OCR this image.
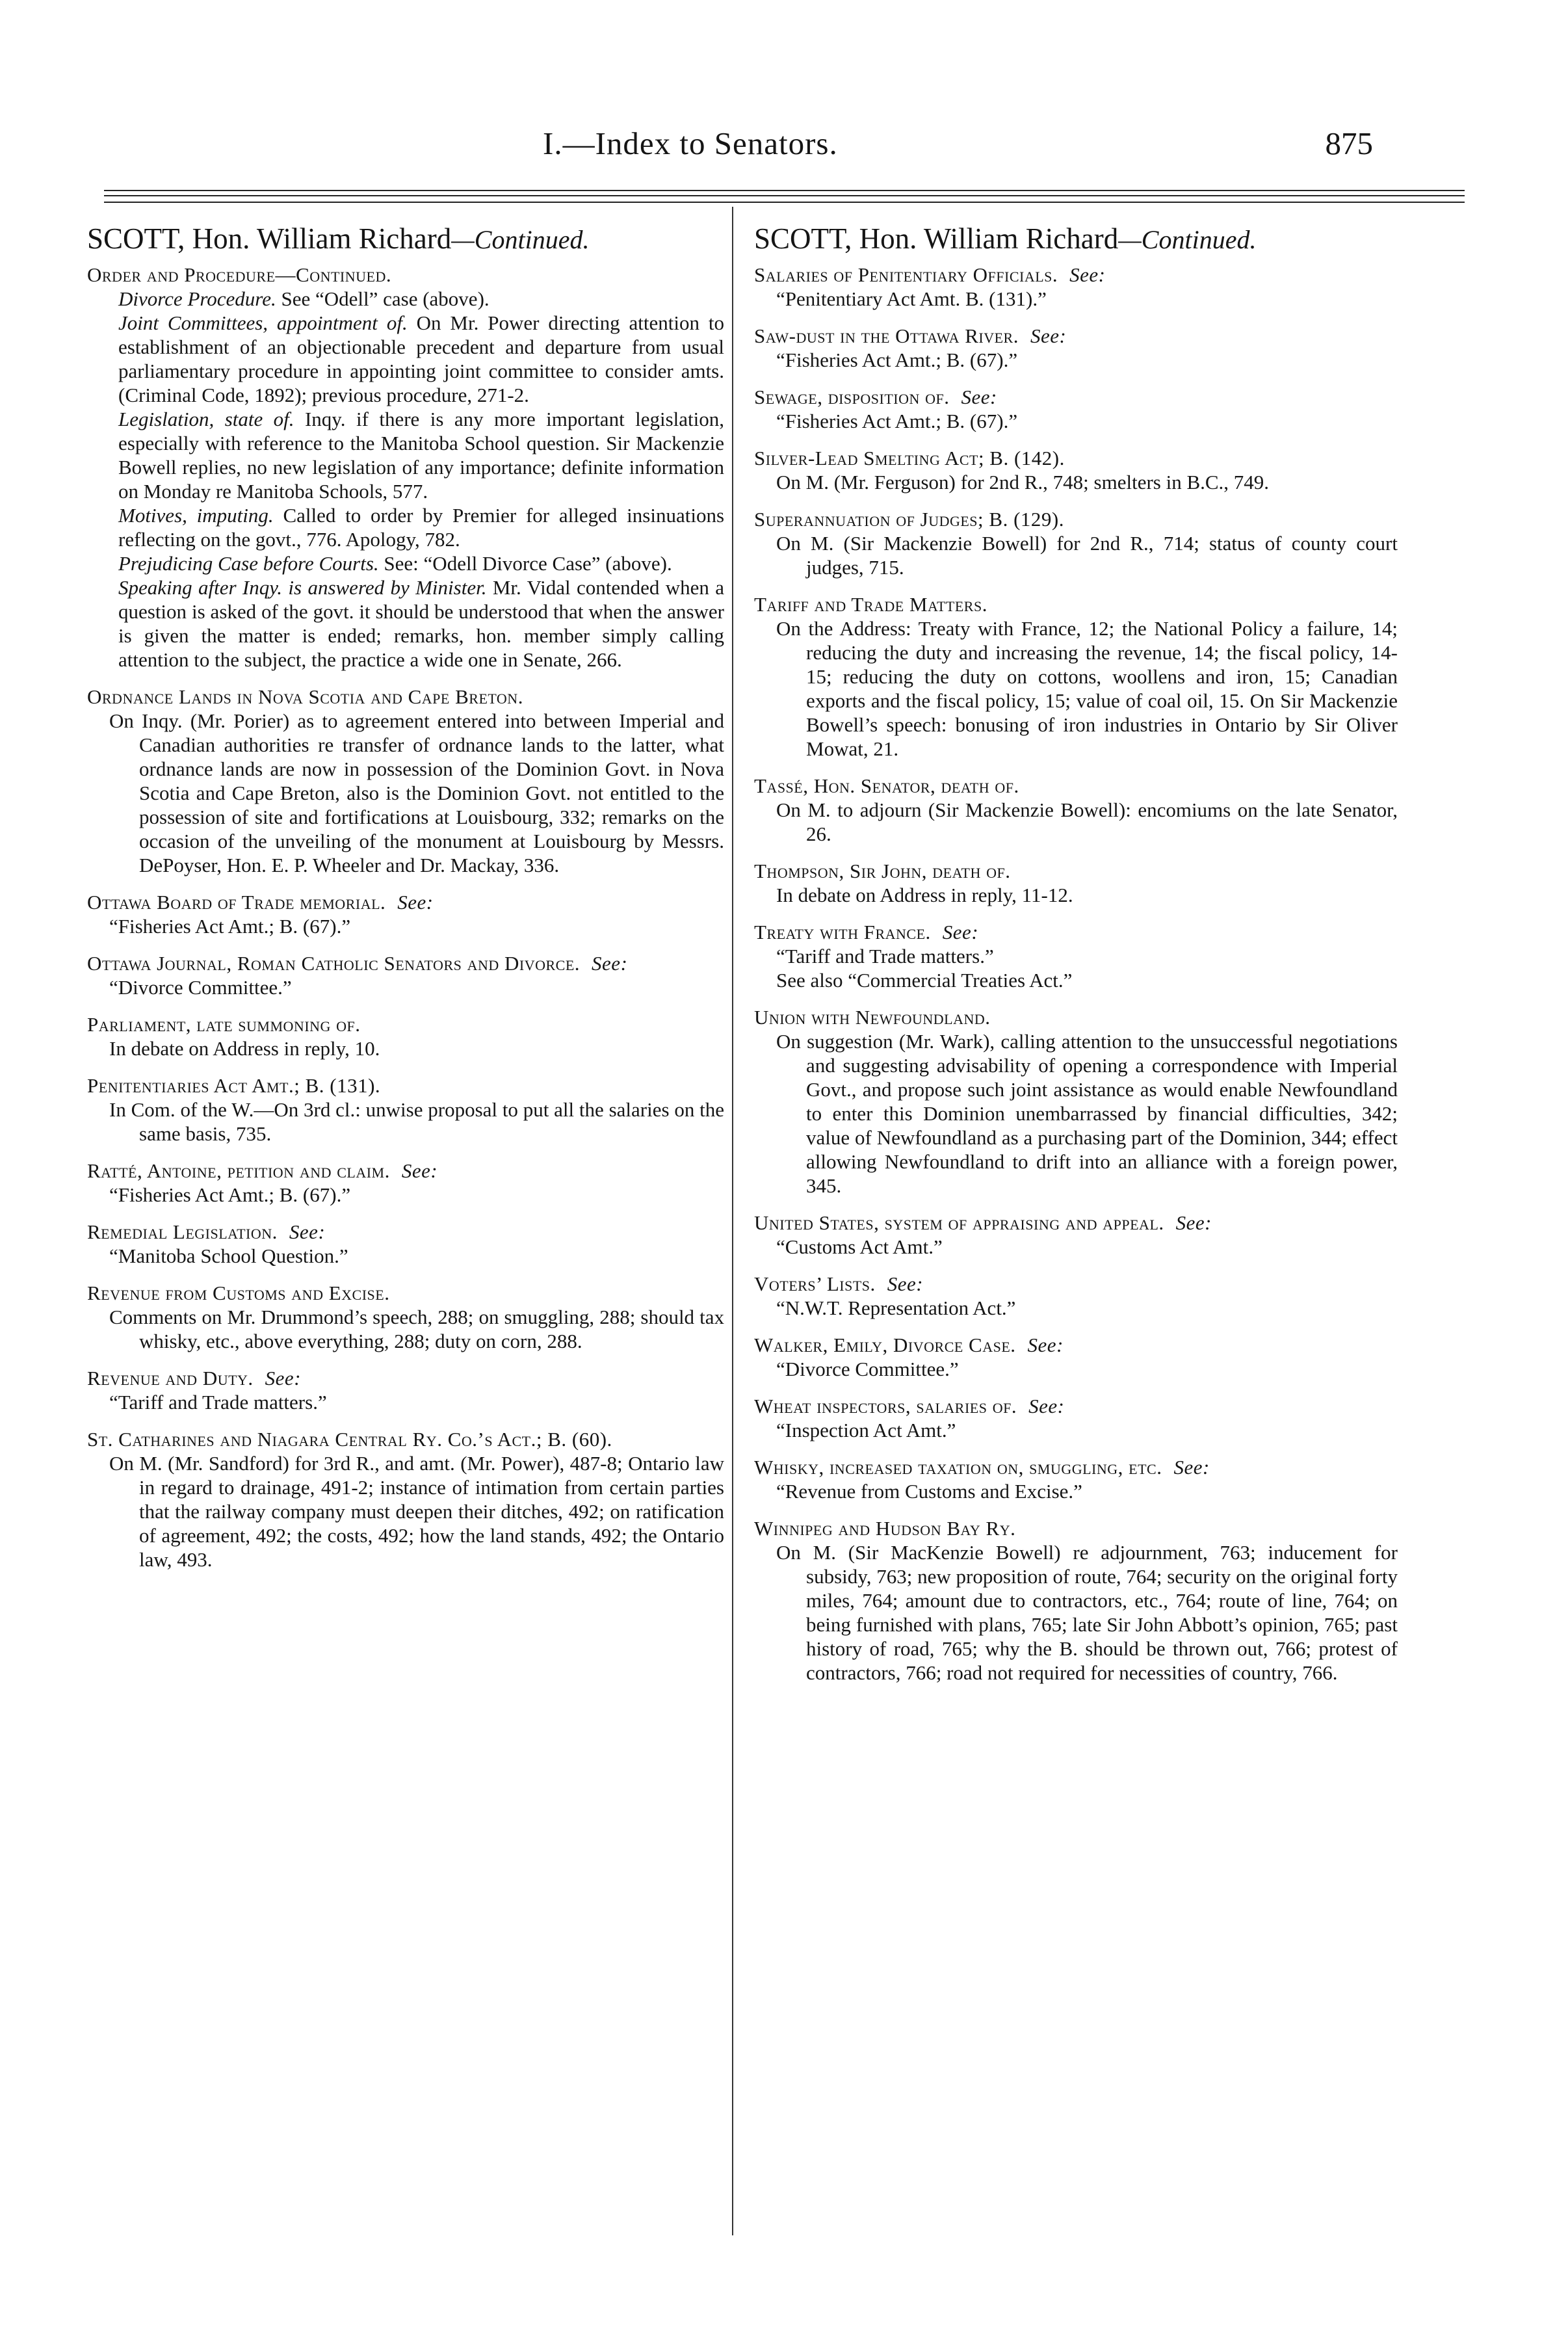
I.—Index to Senators.	875
SCOTT, Hon. William Richard—Continued.
Order and Procedure—Continued.
Divorce Procedure. See “Odell” case (above).
Joint Committees, appointment of. On Mr. Power directing attention to establishment of an objectionable precedent and departure from usual parliamentary procedure in appointing joint committee to consider amts. (Criminal Code, 1892); previous procedure, 271-2.
Legislation, state of. Inqy. if there is any more important legislation, especially with reference to the Manitoba School question. Sir Mackenzie Bowell replies, no new legislation of any importance; definite information on Monday re Manitoba Schools, 577.
Motives, imputing. Called to order by Premier for alleged insinuations reflecting on the govt., 776. Apology, 782.
Prejudicing Case before Courts. See: “Odell Divorce Case” (above).
Speaking after Inqy. is answered by Minister. Mr. Vidal contended when a question is asked of the govt. it should be understood that when the answer is given the matter is ended; remarks, hon. member simply calling attention to the subject, the practice a wide one in Senate, 266.
Ordnance Lands in Nova Scotia and Cape Breton.
On Inqy. (Mr. Porier) as to agreement entered into between Imperial and Canadian authorities re transfer of ordnance lands to the latter, what ordnance lands are now in possession of the Dominion Govt. in Nova Scotia and Cape Breton, also is the Dominion Govt. not entitled to the possession of site and fortifications at Louisbourg, 332; remarks on the occasion of the unveiling of the monument at Louisbourg by Messrs. DePoyser, Hon. E. P. Wheeler and Dr. Mackay, 336.
Ottawa Board of Trade memorial. See:
“Fisheries Act Amt.; B. (67).”
Ottawa Journal, Roman Catholic Senators and Divorce. See:
“Divorce Committee.”
Parliament, late summoning of.
In debate on Address in reply, 10.
Penitentiaries Act Amt.; B. (131).
In Com. of the W.—On 3rd cl.: unwise proposal to put all the salaries on the same basis, 735.
Ratté, Antoine, petition and claim. See:
“Fisheries Act Amt.; B. (67).”
Remedial Legislation. See:
“Manitoba School Question.”
Revenue from Customs and Excise.
Comments on Mr. Drummond’s speech, 288; on smuggling, 288; should tax whisky, etc., above everything, 288; duty on corn, 288.
Revenue and Duty. See:
“Tariff and Trade matters.”
St. Catharines and Niagara Central Ry. Co.’s Act.; B. (60).
On M. (Mr. Sandford) for 3rd R., and amt. (Mr. Power), 487-8; Ontario law in regard to drainage, 491-2; instance of intimation from certain parties that the railway company must deepen their ditches, 492; on ratification of agreement, 492; the costs, 492; how the land stands, 492; the Ontario law, 493.
SCOTT, Hon. William Richard—Continued.
Salaries of Penitentiary Officials. See:
“Penitentiary Act Amt. B. (131).”
Saw-dust in the Ottawa River. See:
“Fisheries Act Amt.; B. (67).”
Sewage, disposition of. See:
“Fisheries Act Amt.; B. (67).”
Silver-Lead Smelting Act; B. (142).
On M. (Mr. Ferguson) for 2nd R., 748; smelters in B.C., 749.
Superannuation of Judges; B. (129).
On M. (Sir Mackenzie Bowell) for 2nd R., 714; status of county court judges, 715.
Tariff and Trade Matters.
On the Address: Treaty with France, 12; the National Policy a failure, 14; reducing the duty and increasing the revenue, 14; the fiscal policy, 14-15; reducing the duty on cottons, woollens and iron, 15; Canadian exports and the fiscal policy, 15; value of coal oil, 15. On Sir Mackenzie Bowell’s speech: bonusing of iron industries in Ontario by Sir Oliver Mowat, 21.
Tassé, Hon. Senator, death of.
On M. to adjourn (Sir Mackenzie Bowell): encomiums on the late Senator, 26.
Thompson, Sir John, death of.
In debate on Address in reply, 11-12.
Treaty with France. See:
“Tariff and Trade matters.”
See also “Commercial Treaties Act.”
Union with Newfoundland.
On suggestion (Mr. Wark), calling attention to the unsuccessful negotiations and suggesting advisability of opening a correspondence with Imperial Govt., and propose such joint assistance as would enable Newfoundland to enter this Dominion unembarrassed by financial difficulties, 342; value of Newfoundland as a purchasing part of the Dominion, 344; effect allowing Newfoundland to drift into an alliance with a foreign power, 345.
United States, system of appraising and appeal. See:
“Customs Act Amt.”
Voters’ Lists. See:
“N.W.T. Representation Act.”
Walker, Emily, Divorce Case. See:
“Divorce Committee.”
Wheat inspectors, salaries of. See:
“Inspection Act Amt.”
Whisky, increased taxation on, smuggling, etc. See:
“Revenue from Customs and Excise.”
Winnipeg and Hudson Bay Ry.
On M. (Sir MacKenzie Bowell) re adjournment, 763; inducement for subsidy, 763; new proposition of route, 764; security on the original forty miles, 764; amount due to contractors, etc., 764; route of line, 764; on being furnished with plans, 765; late Sir John Abbott’s opinion, 765; past history of road, 765; why the B. should be thrown out, 766; protest of contractors, 766; road not required for necessities of country, 766.
